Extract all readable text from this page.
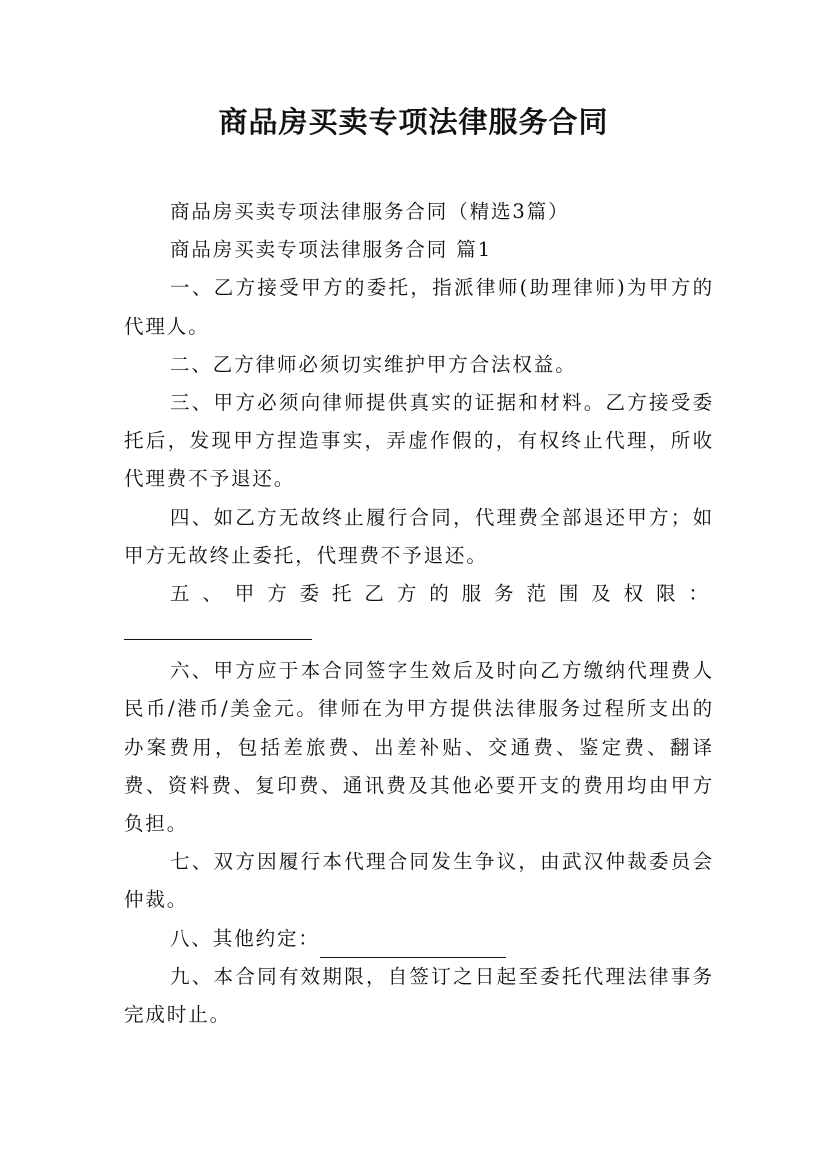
商品房买卖专项法律服务合同

商品房买卖专项法律服务合同（精选3篇）

商品房买卖专项法律服务合同 篇1

一、乙方接受甲方的委托，指派律师(助理律师)为甲方的代理人。

二、乙方律师必须切实维护甲方合法权益。

三、甲方必须向律师提供真实的证据和材料。乙方接受委托后，发现甲方捏造事实，弄虚作假的，有权终止代理，所收代理费不予退还。

四、如乙方无故终止履行合同，代理费全部退还甲方；如甲方无故终止委托，代理费不予退还。

五、甲方委托乙方的服务范围及权限：

六、甲方应于本合同签字生效后及时向乙方缴纳代理费人民币/港币/美金元。律师在为甲方提供法律服务过程所支出的办案费用，包括差旅费、出差补贴、交通费、鉴定费、翻译费、资料费、复印费、通讯费及其他必要开支的费用均由甲方负担。

七、双方因履行本代理合同发生争议，由武汉仲裁委员会仲裁。

八、其他约定：

九、本合同有效期限，自签订之日起至委托代理法律事务完成时止。
